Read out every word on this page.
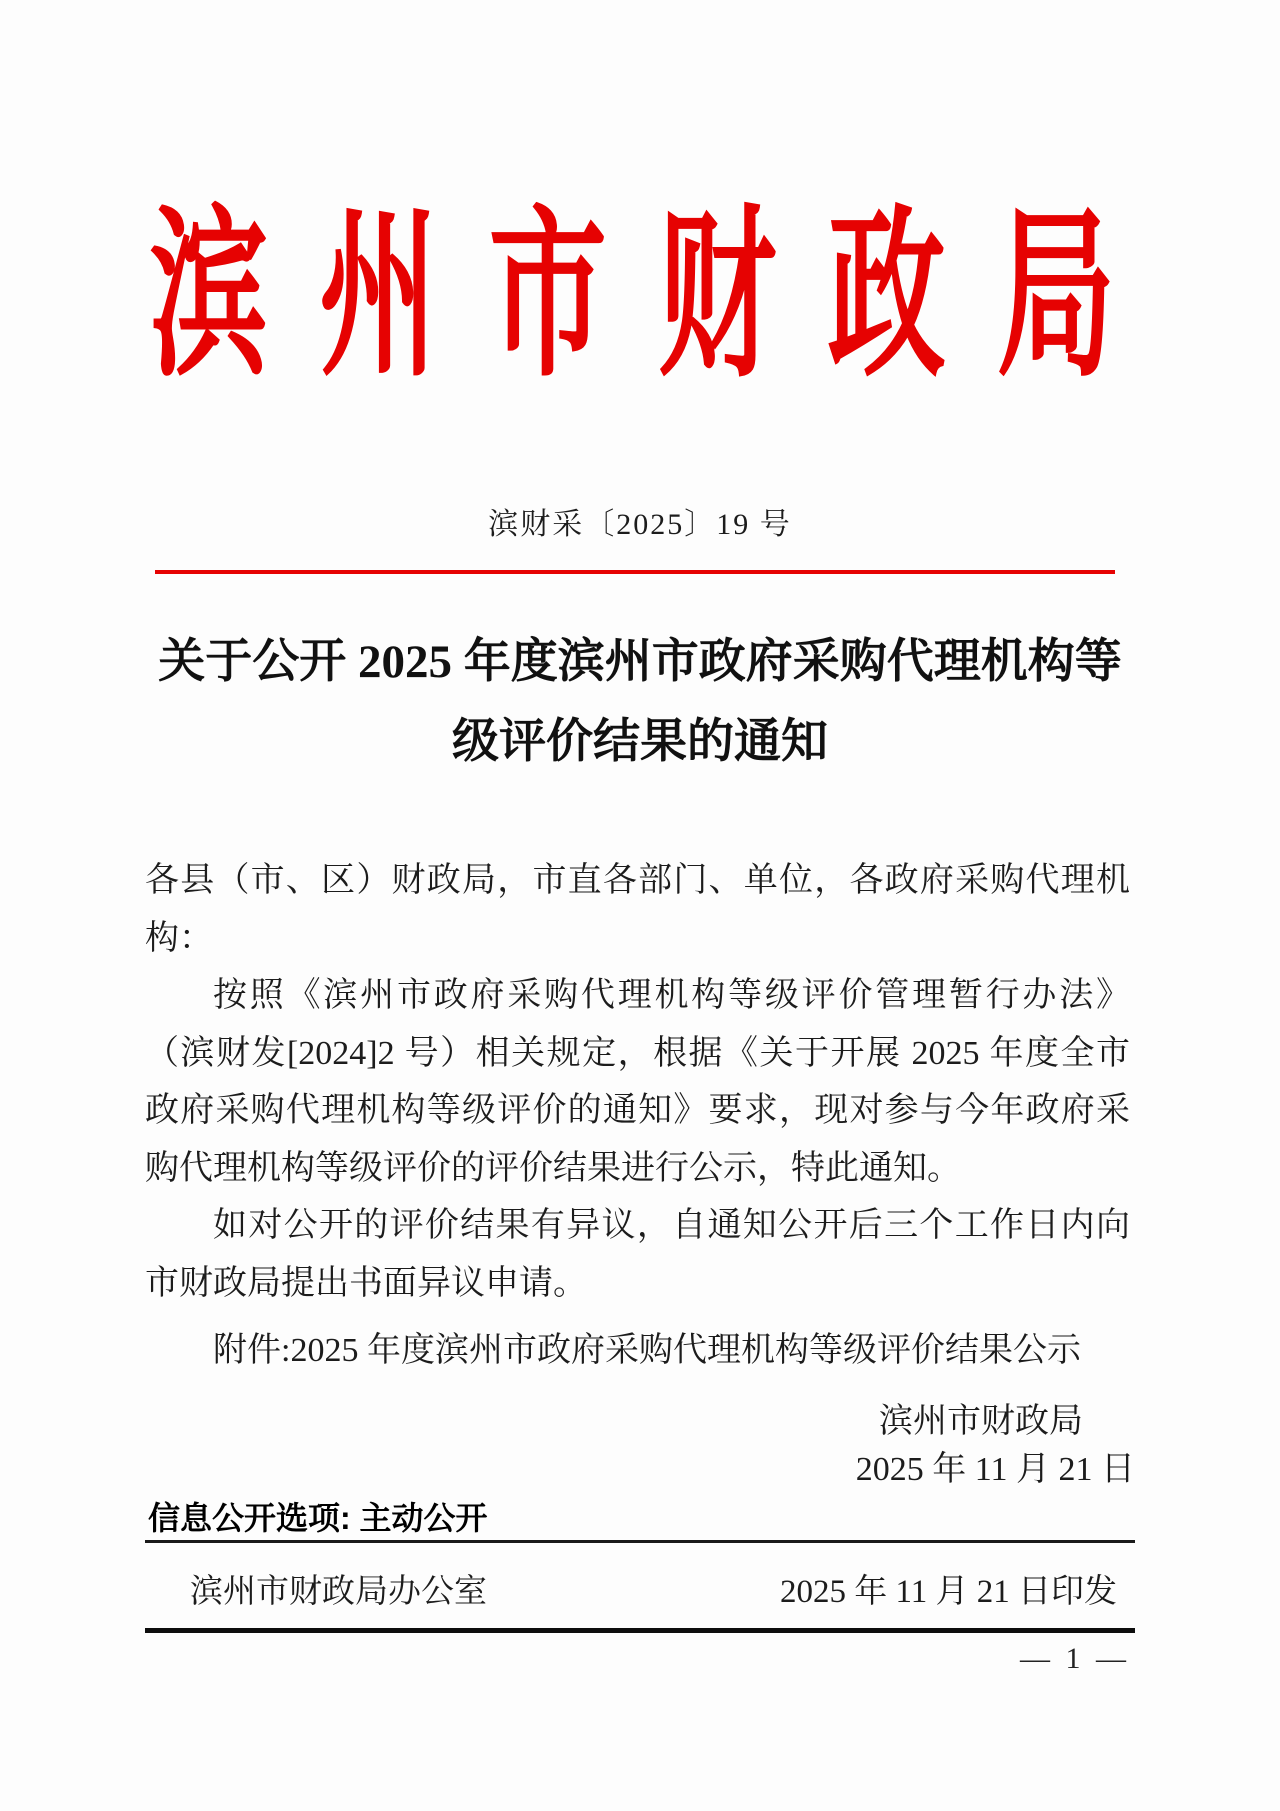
滨 州 市 财 政 局
滨财采〔2025〕19 号
关于公开 2025 年度滨州市政府采购代理机构等
级评价结果的通知
各县（市、区）财政局，市直各部门、单位，各政府采购代理机
构：
按照《滨州市政府采购代理机构等级评价管理暂行办法》
（滨财发[2024]2 号）相关规定，根据《关于开展 2025 年度全市
政府采购代理机构等级评价的通知》要求，现对参与今年政府采
购代理机构等级评价的评价结果进行公示，特此通知。
如对公开的评价结果有异议，自通知公开后三个工作日内向
市财政局提出书面异议申请。
附件:2025 年度滨州市政府采购代理机构等级评价结果公示
滨州市财政局
2025 年 11 月 21 日
信息公开选项: 主动公开
滨州市财政局办公室	2025 年 11 月 21 日印发
— 1 —
